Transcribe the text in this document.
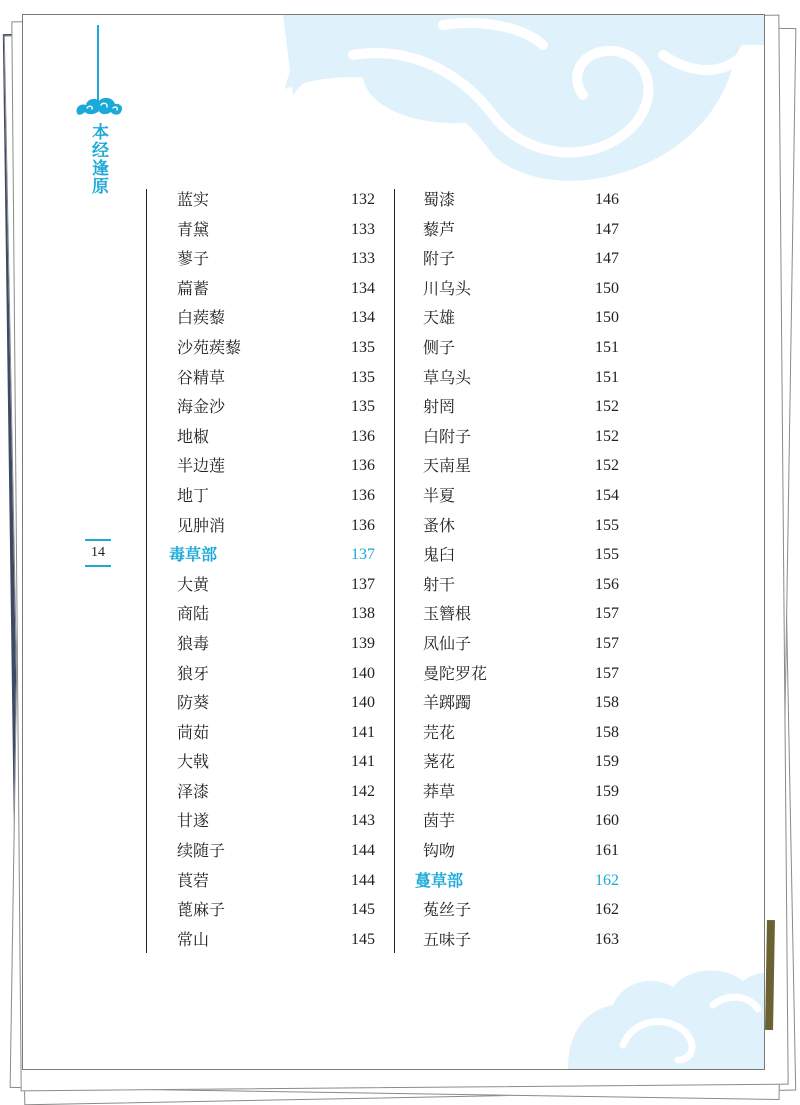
本经逢原
14
蓝实	132
青黛	133
蓼子	133
萹蓄	134
白蒺藜	134
沙苑蒺藜	135
谷精草	135
海金沙	135
地椒	136
半边莲	136
地丁	136
见肿消	136
毒草部	137
大黄	137
商陆	138
狼毒	139
狼牙	140
防葵	140
茼茹	141
大戟	141
泽漆	142
甘遂	143
续随子	144
莨菪	144
蓖麻子	145
常山	145
蜀漆	146
藜芦	147
附子	147
川乌头	150
天雄	150
侧子	151
草乌头	151
射罔	152
白附子	152
天南星	152
半夏	154
蚤休	155
鬼臼	155
射干	156
玉簪根	157
凤仙子	157
曼陀罗花	157
羊踯躅	158
芫花	158
荛花	159
莽草	159
茵芋	160
钩吻	161
蔓草部	162
菟丝子	162
五味子	163
